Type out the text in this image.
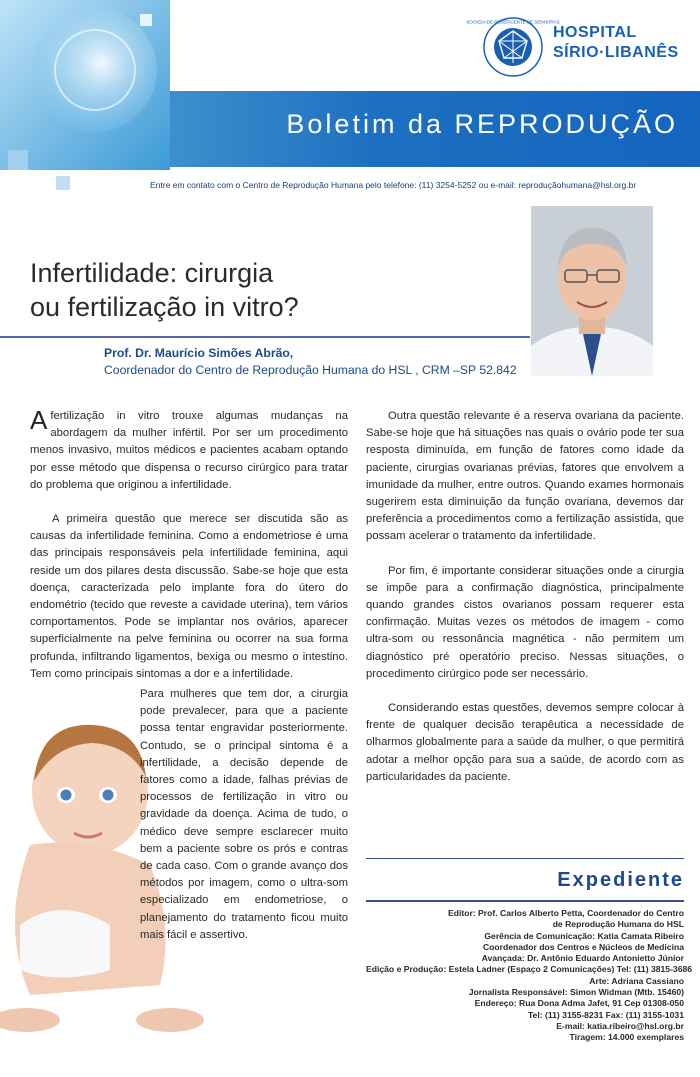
SOCIEDADE BENEFICENTE DE SENHORAS
HOSPITAL
SÍRIO·LIBANÊS
Boletim da REPRODUÇÃO
Entre em contato com o Centro de Reprodução Humana pelo telefone: (11) 3254-5252 ou e-mail: reproduçãohumana@hsl.org.br
Infertilidade: cirurgia
ou fertilização in vitro?
Prof. Dr. Maurício Simões Abrão,
Coordenador do Centro de Reprodução Humana do HSL , CRM –SP 52.842

Afertilização in vitro trouxe algumas mudanças na abordagem da mulher infértil. Por ser um procedimento menos invasivo, muitos médicos e pacientes acabam optando por esse método que dispensa o recurso cirúrgico para tratar do problema que originou a infertilidade.

A primeira questão que merece ser discutida são as causas da infertilidade feminina. Como a endometriose é uma das principais responsáveis pela infertilidade feminina, aqui reside um dos pilares desta discussão. Sabe-se hoje que esta doença, caracterizada pelo implante fora do útero do endométrio (tecido que reveste a cavidade uterina), tem vários comportamentos. Pode se implantar nos ovários, aparecer superficialmente na pelve feminina ou ocorrer na sua forma profunda, infiltrando ligamentos, bexiga ou mesmo o intestino. Tem como principais sintomas a dor e a infertilidade.

Para mulheres que tem dor, a cirurgia pode prevalecer, para que a paciente possa tentar engravidar posteriormente. Contudo, se o principal sintoma é a infertilidade, a decisão depende de fatores como a idade, falhas prévias de processos de fertilização in vitro ou gravidade da doença. Acima de tudo, o médico deve sempre esclarecer muito bem a paciente sobre os prós e contras de cada caso. Com o grande avanço dos métodos por imagem, como o ultra-som especializado em endometriose, o planejamento do tratamento ficou muito mais fácil e assertivo.

Outra questão relevante é a reserva ovariana da paciente. Sabe-se hoje que há situações nas quais o ovário pode ter sua resposta diminuída, em função de fatores como idade da paciente, cirurgias ovarianas prévias, fatores que envolvem a imunidade da mulher, entre outros. Quando exames hormonais sugerirem esta diminuição da função ovariana, devemos dar preferência a procedimentos como a fertilização assistida, que possam acelerar o tratamento da infertilidade.

Por fim, é importante considerar situações onde a cirurgia se impõe para a confirmação diagnóstica, principalmente quando grandes cistos ovarianos possam requerer esta confirmação. Muitas vezes os métodos de imagem - como ultra-som ou ressonância magnética - não permitem um diagnóstico pré operatório preciso. Nessas situações, o procedimento cirúrgico pode ser necessário.

Considerando estas questões, devemos sempre colocar à frente de qualquer decisão terapêutica a necessidade de olharmos globalmente para a saúde da mulher, o que permitirá adotar a melhor opção para sua a saúde, de acordo com as particularidades da paciente.

Expediente
Editor: Prof. Carlos Alberto Petta, Coordenador do Centro
de Reprodução Humana do HSL
Gerência de Comunicação: Katia Camata Ribeiro
Coordenador dos Centros e Núcleos de Medicina
Avançada: Dr. Antônio Eduardo Antonietto Júnior
Edição e Produção: Estela Ladner (Espaço 2 Comunicações) Tel: (11) 3815-3686
Arte: Adriana Cassiano
Jornalista Responsável: Simon Widman (Mtb. 15460)
Endereço: Rua Dona Adma Jafet, 91 Cep 01308-050
Tel: (11) 3155-8231 Fax: (11) 3155-1031
E-mail: katia.ribeiro@hsl.org.br
Tiragem: 14.000 exemplares
